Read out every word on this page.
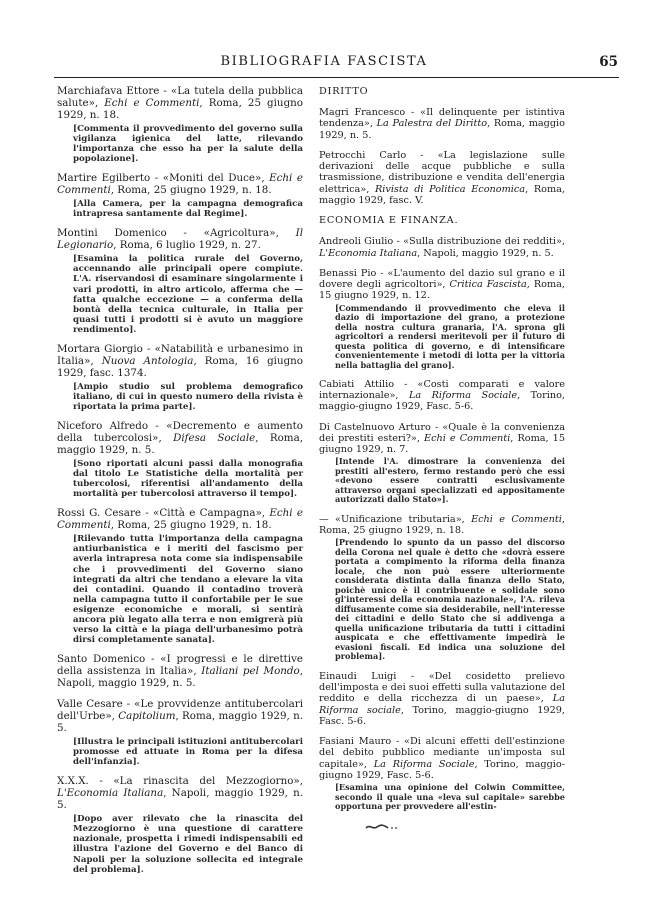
BIBLIOGRAFIA FASCISTA	65
Marchiafava Ettore - «La tutela della pubblica salute», Echi e Commenti, Roma, 25 giugno 1929, n. 18.
[Commenta il provvedimento del governo sulla vigilanza igienica del latte, rilevando l'importanza che esso ha per la salute della popolazione].
Martire Egilberto - «Moniti del Duce», Echi e Commenti, Roma, 25 giugno 1929, n. 18.
[Alla Camera, per la campagna demografica intrapresa santamente dal Regime].
Montini Domenico - «Agricoltura», Il Legionario, Roma, 6 luglio 1929, n. 27.
[Esamina la politica rurale del Governo, accennando alle principali opere compiute. L'A. riservandosi di esaminare singolarmente i vari prodotti, in altro articolo, afferma che — fatta qualche eccezione — a conferma della bontà della tecnica culturale, in Italia per quasi tutti i prodotti si è avuto un maggiore rendimento].
Mortara Giorgio - «Natabilità e urbanesimo in Italia», Nuova Antologia, Roma, 16 giugno 1929, fasc. 1374.
[Ampio studio sul problema demografico italiano, di cui in questo numero della rivista è riportata la prima parte].
Niceforo Alfredo - «Decremento e aumento della tubercolosi», Difesa Sociale, Roma, maggio 1929, n. 5.
[Sono riportati alcuni passi dalla monografia dal titolo Le Statistiche della mortalità per tubercolosi, riferentisi all'andamento della mortalità per tubercolosi attraverso il tempo].
Rossi G. Cesare - «Città e Campagna», Echi e Commenti, Roma, 25 giugno 1929, n. 18.
[Rilevando tutta l'importanza della campagna antiurbanistica e i meriti del fascismo per averla intrapresa nota come sia indispensabile che i provvedimenti del Governo siano integrati da altri che tendano a elevare la vita dei contadini. Quando il contadino troverà nella campagna tutto il confortabile per le sue esigenze economiche e morali, si sentirà ancora più legato alla terra e non emigrerà più verso la città e la piaga dell'urbanesimo potrà dirsi completamente sanata].
Santo Domenico - «I progressi e le direttive della assistenza in Italia», Italiani pel Mondo, Napoli, maggio 1929, n. 5.
Valle Cesare - «Le provvidenze antitubercolari dell'Urbe», Capitolium, Roma, maggio 1929, n. 5.
[Illustra le principali istituzioni antitubercolari promosse ed attuate in Roma per la difesa dell'infanzia].
X.X.X. - «La rinascita del Mezzogiorno», L'Economia Italiana, Napoli, maggio 1929, n. 5.
[Dopo aver rilevato che la rinascita del Mezzogiorno è una questione di carattere nazionale, prospetta i rimedi indispensabili ed illustra l'azione del Governo e del Banco di Napoli per la soluzione sollecita ed integrale del problema].
DIRITTO
Magri Francesco - «Il delinquente per istintiva tendenza», La Palestra del Diritto, Roma, maggio 1929, n. 5.
Petrocchi Carlo - «La legislazione sulle derivazioni delle acque pubbliche e sulla trasmissione, distribuzione e vendita dell'energia elettrica», Rivista di Politica Economica, Roma, maggio 1929, fasc. V.
ECONOMIA E FINANZA.
Andreoli Giulio - «Sulla distribuzione dei redditi», L'Economia Italiana, Napoli, maggio 1929, n. 5.
Benassi Pio - «L'aumento del dazio sul grano e il dovere degli agricoltori», Critica Fascista, Roma, 15 giugno 1929, n. 12.
[Commendando il provvedimento che eleva il dazio di importazione del grano, a protezione della nostra cultura granaria, l'A. sprona gli agricoltori a rendersi meritevoli per il futuro di questa politica di governo, e di intensificare convenientemente i metodi di lotta per la vittoria nella battaglia del grano].
Cabiati Attilio - «Costi comparati e valore internazionale», La Riforma Sociale, Torino, maggio-giugno 1929, Fasc. 5-6.
Di Castelnuovo Arturo - «Quale è la convenienza dei prestiti esteri?», Echi e Commenti, Roma, 15 giugno 1929, n. 7.
[Intende l'A. dimostrare la convenienza dei prestiti all'estero, fermo restando però che essi «devono essere contratti esclusivamente attraverso organi specializzati ed appositamente autorizzati dallo Stato»].
— «Unificazione tributaria», Echi e Commenti, Roma, 25 giugno 1929, n. 18.
[Prendendo lo spunto da un passo del discorso della Corona nel quale è detto che «dovrà essere portata a compimento la riforma della finanza locale, che non può essere ulteriormente considerata distinta dalla finanza dello Stato, poichè unico è il contribuente e solidale sono gl'interessi della economia nazionale», l'A. rileva diffusamente come sia desiderabile, nell'interesse dei cittadini e dello Stato che si addivenga a quella unificazione tributaria da tutti i cittadini auspicata e che effettivamente impedirà le evasioni fiscali. Ed indica una soluzione del problema].
Einaudi Luigi - «Del cosidetto prelievo dell'imposta e dei suoi effetti sulla valutazione del reddito e della ricchezza di un paese», La Riforma sociale, Torino, maggio-giugno 1929, Fasc. 5-6.
Fasiani Mauro - «Di alcuni effetti dell'estinzione del debito pubblico mediante un'imposta sul capitale», La Riforma Sociale, Torino, maggio-giugno 1929, Fasc. 5-6.
[Esamina una opinione del Colwin Committee, secondo il quale una «leva sul capitale» sarebbe opportuna per provvedere all'estin-
